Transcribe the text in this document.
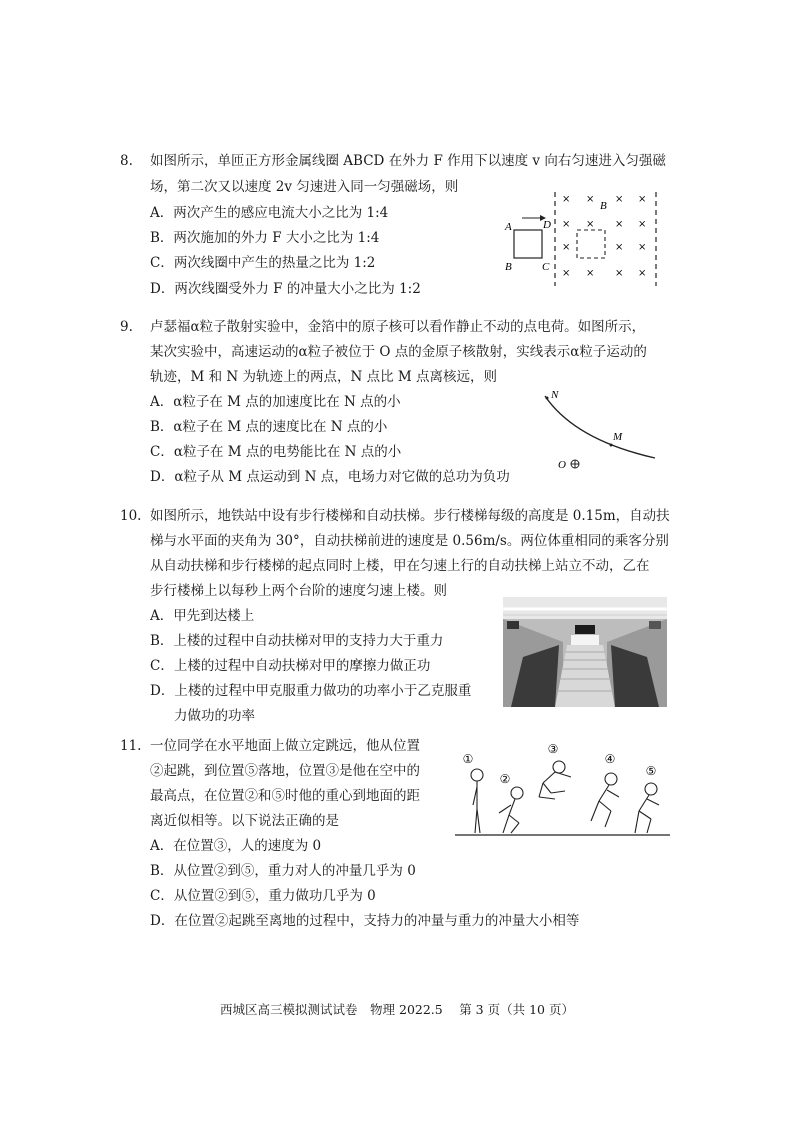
8. 如图所示，单匝正方形金属线圈 ABCD 在外力 F 作用下以速度 v 向右匀速进入匀强磁
场，第二次又以速度 2v 匀速进入同一匀强磁场，则
A．两次产生的感应电流大小之比为 1:4
B．两次施加的外力 F 大小之比为 1:4
C．两次线圈中产生的热量之比为 1:2
D．两次线圈受外力 F 的冲量大小之比为 1:2
A
B	C
D
B
× × × ×
× × × ×
×	× ×
× × × ×
9. 卢瑟福α粒子散射实验中，金箔中的原子核可以看作静止不动的点电荷。如图所示，
某次实验中，高速运动的α粒子被位于 O 点的金原子核散射，实线表示α粒子运动的
轨迹，M 和 N 为轨迹上的两点，N 点比 M 点离核远，则
A．α粒子在 M 点的加速度比在 N 点的小
B．α粒子在 M 点的速度比在 N 点的小
C．α粒子在 M 点的电势能比在 N 点的小
D．α粒子从 M 点运动到 N 点，电场力对它做的总功为负功
N
M
O
10. 如图所示，地铁站中设有步行楼梯和自动扶梯。步行楼梯每级的高度是 0.15m，自动扶
梯与水平面的夹角为 30°，自动扶梯前进的速度是 0.56m/s。两位体重相同的乘客分别
从自动扶梯和步行楼梯的起点同时上楼，甲在匀速上行的自动扶梯上站立不动，乙在
步行楼梯上以每秒上两个台阶的速度匀速上楼。则
A．甲先到达楼上
B．上楼的过程中自动扶梯对甲的支持力大于重力
C．上楼的过程中自动扶梯对甲的摩擦力做正功
D．上楼的过程中甲克服重力做功的功率小于乙克服重
力做功的功率
11. 一位同学在水平地面上做立定跳远，他从位置
②起跳，到位置⑤落地，位置③是他在空中的
最高点，在位置②和⑤时他的重心到地面的距
离近似相等。以下说法正确的是
A．在位置③，人的速度为 0
B．从位置②到⑤，重力对人的冲量几乎为 0
C．从位置②到⑤，重力做功几乎为 0
D．在位置②起跳至离地的过程中，支持力的冲量与重力的冲量大小相等
①
②
③
④
⑤
西城区高三模拟测试试卷　物理 2022.5　 第 3 页（共 10 页）
